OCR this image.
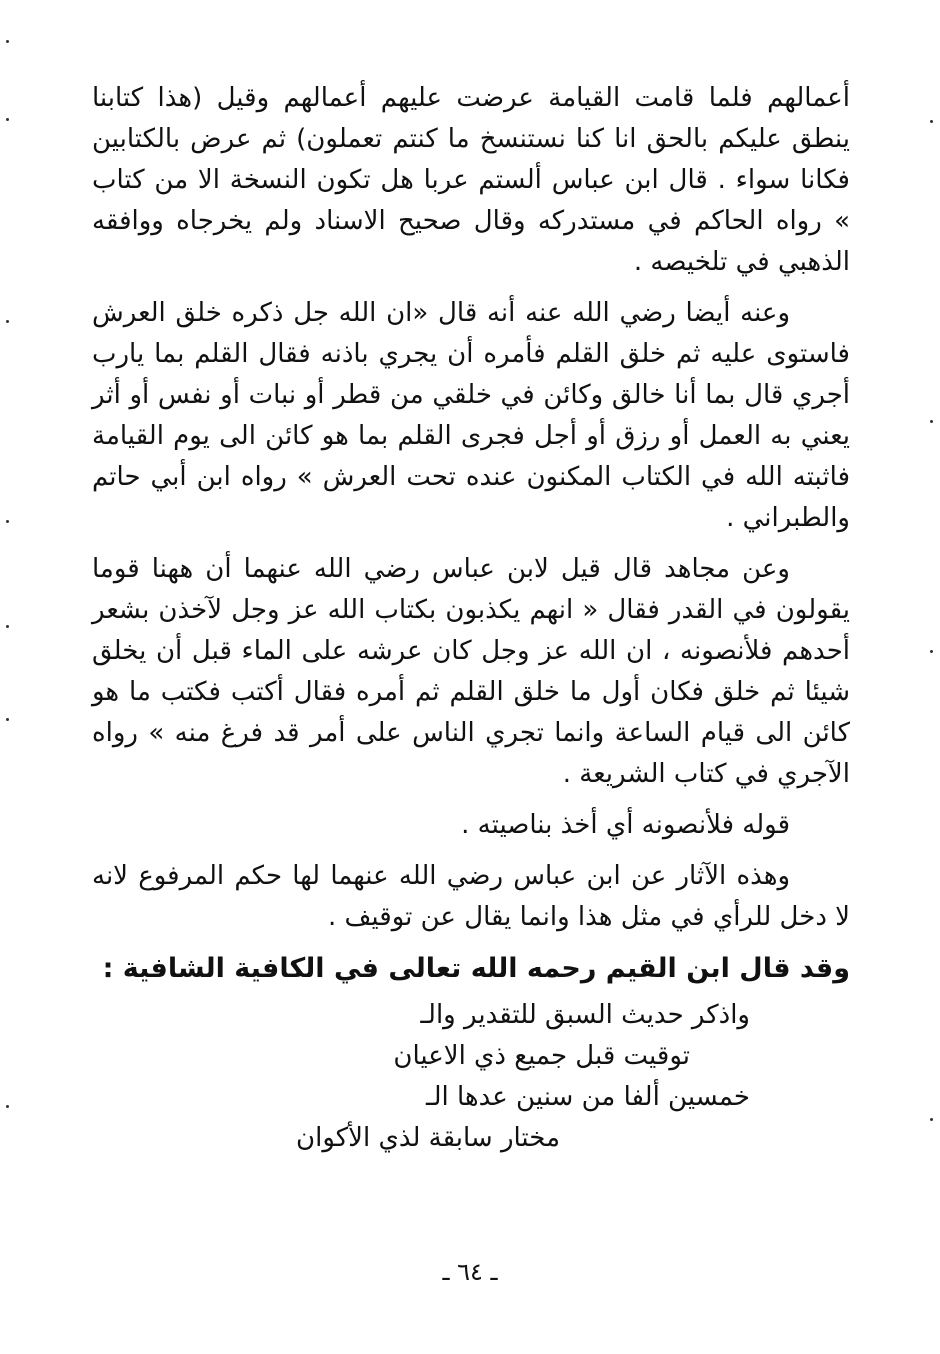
أعمالهم فلما قامت القيامة عرضت عليهم أعمالهم وقيل (هذا كتابنا ينطق عليكم بالحق انا كنا نستنسخ ما كنتم تعملون) ثم عرض بالكتابين فكانا سواء . قال ابن عباس ألستم عربا هل تكون النسخة الا من كتاب » رواه الحاكم في مستدركه وقال صحيح الاسناد ولم يخرجاه ووافقه الذهبي في تلخيصه .

وعنه أيضا رضي الله عنه أنه قال «ان الله جل ذكره خلق العرش فاستوى عليه ثم خلق القلم فأمره أن يجري باذنه فقال القلم بما يارب أجري قال بما أنا خالق وكائن في خلقي من قطر أو نبات أو نفس أو أثر يعني به العمل أو رزق أو أجل فجرى القلم بما هو كائن الى يوم القيامة فاثبته الله في الكتاب المكنون عنده تحت العرش » رواه ابن أبي حاتم والطبراني .

وعن مجاهد قال قيل لابن عباس رضي الله عنهما أن ههنا قوما يقولون في القدر فقال « انهم يكذبون بكتاب الله عز وجل لآخذن بشعر أحدهم فلأنصونه ، ان الله عز وجل كان عرشه على الماء قبل أن يخلق شيئا ثم خلق فكان أول ما خلق القلم ثم أمره فقال أكتب فكتب ما هو كائن الى قيام الساعة وانما تجري الناس على أمر قد فرغ منه » رواه الآجري في كتاب الشريعة .

قوله فلأنصونه أي أخذ بناصيته .

وهذه الآثار عن ابن عباس رضي الله عنهما لها حكم المرفوع لانه لا دخل للرأي في مثل هذا وانما يقال عن توقيف .

وقد قال ابن القيم رحمه الله تعالى في الكافية الشافية :

واذكر حديث السبق للتقدير وال‍ـ
توقيت قبل جميع ذي الاعيان
خمسين ألفا من سنين عدها ال‍ـ
مختار سابقة لذي الأكوان
ـ ٦٤ ـ
